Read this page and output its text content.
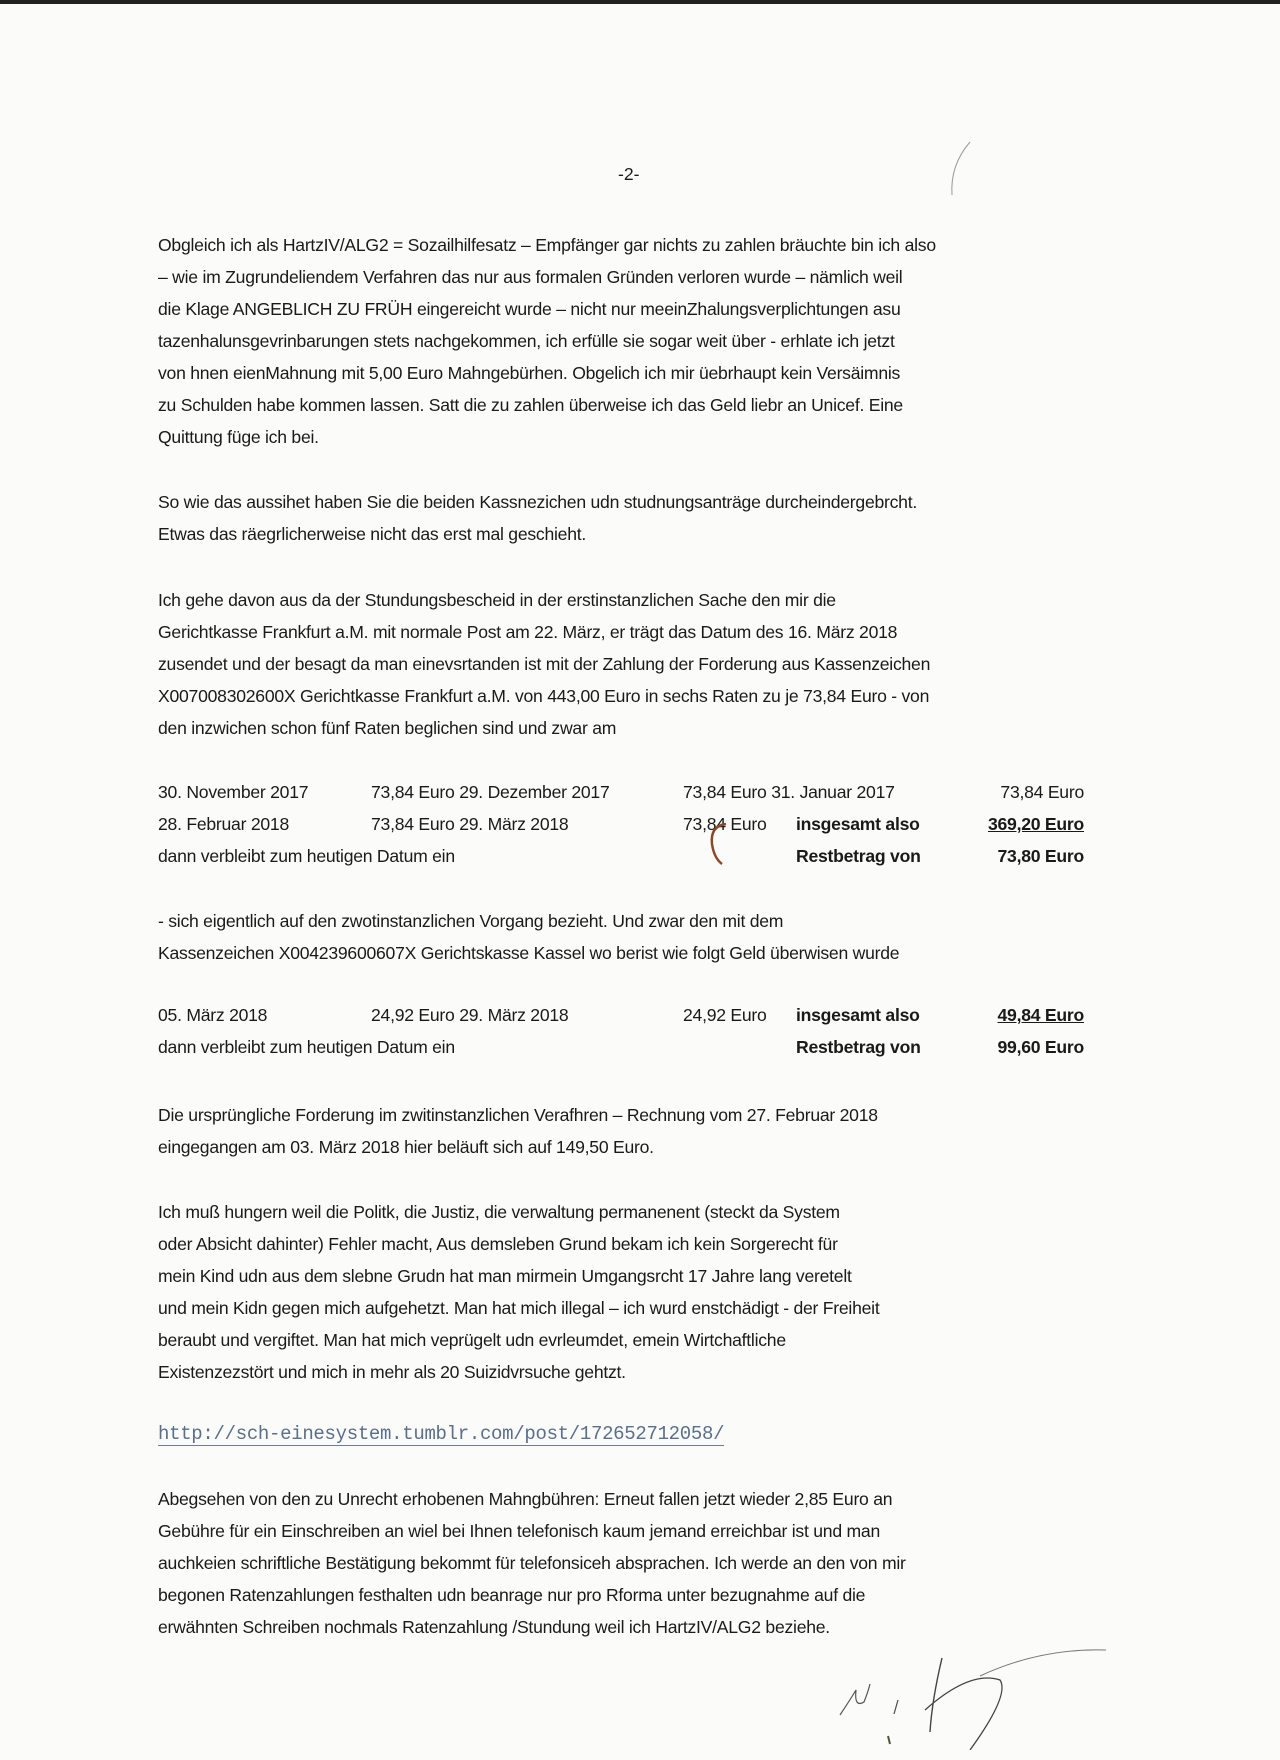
-2-
Obgleich ich als HartzIV/ALG2 = Sozailhilfesatz – Empfänger gar nichts zu zahlen bräuchte bin ich also
– wie im Zugrundeliendem Verfahren das nur aus formalen Gründen verloren wurde – nämlich weil
die Klage ANGEBLICH ZU FRÜH eingereicht wurde – nicht nur meeinZhalungsverplichtungen asu
tazenhalunsgevrinbarungen stets nachgekommen, ich erfülle sie sogar weit über - erhlate ich jetzt
von hnen eienMahnung mit 5,00 Euro Mahngebürhen. Obgelich ich mir üebrhaupt kein Versäimnis
zu Schulden habe kommen lassen. Satt die zu zahlen überweise ich das Geld liebr an Unicef. Eine
Quittung füge ich bei.
So wie das aussihet haben Sie die beiden Kassnezichen udn studnungsanträge durcheindergebrcht.
Etwas das räegrlicherweise nicht das erst mal geschieht.
Ich gehe davon aus da der Stundungsbescheid in der erstinstanzlichen Sache den mir die
Gerichtkasse Frankfurt a.M. mit normale Post am 22. März, er trägt das Datum des 16. März 2018
zusendet und der besagt da man einevsrtanden ist mit der Zahlung der Forderung aus Kassenzeichen
X007008302600X Gerichtkasse Frankfurt a.M. von 443,00 Euro in sechs Raten zu je 73,84 Euro - von
den inzwichen schon fünf Raten beglichen sind und zwar am
30. November 2017	73,84 Euro 29. Dezember 2017	73,84 Euro 31. Januar 2017	73,84 Euro
28. Februar 2018	73,84 Euro 29. März 2018	73,84 Euro insgesamt also	369,20 Euro
dann verbleibt zum heutigen Datum ein	Restbetrag von	73,80 Euro
- sich eigentlich auf den zwotinstanzlichen Vorgang bezieht. Und zwar den mit dem
Kassenzeichen X004239600607X Gerichtskasse Kassel wo berist wie folgt Geld überwisen wurde
05. März 2018	24,92 Euro 29. März 2018	24,92 Euro insgesamt also	49,84 Euro
dann verbleibt zum heutigen Datum ein	Restbetrag von	99,60 Euro
Die ursprüngliche Forderung im zwitinstanzlichen Verafhren – Rechnung vom 27. Februar 2018
eingegangen am 03. März 2018 hier beläuft sich auf 149,50 Euro.
Ich muß hungern weil die Politk, die Justiz, die verwaltung permanenent (steckt da System
oder Absicht dahinter) Fehler macht, Aus demsleben Grund bekam ich kein Sorgerecht für
mein Kind udn aus dem slebne Grudn hat man mirmein Umgangsrcht 17 Jahre lang veretelt
und mein Kidn gegen mich aufgehetzt. Man hat mich illegal – ich wurd enstchädigt - der Freiheit
beraubt und vergiftet. Man hat mich veprügelt udn evrleumdet, emein Wirtchaftliche
Existenzezstört und mich in mehr als 20 Suizidvrsuche gehtzt.
http://sch-einesystem.tumblr.com/post/172652712058/
Abegsehen von den zu Unrecht erhobenen Mahngbühren: Erneut fallen jetzt wieder 2,85 Euro an
Gebühre für ein Einschreiben an wiel bei Ihnen telefonisch kaum jemand erreichbar ist und man
auchkeien schriftliche Bestätigung bekommt für telefonsiceh absprachen. Ich werde an den von mir
begonen Ratenzahlungen festhalten udn beanrage nur pro Rforma unter bezugnahme auf die
erwähnten Schreiben nochmals Ratenzahlung /Stundung weil ich HartzIV/ALG2 beziehe.
